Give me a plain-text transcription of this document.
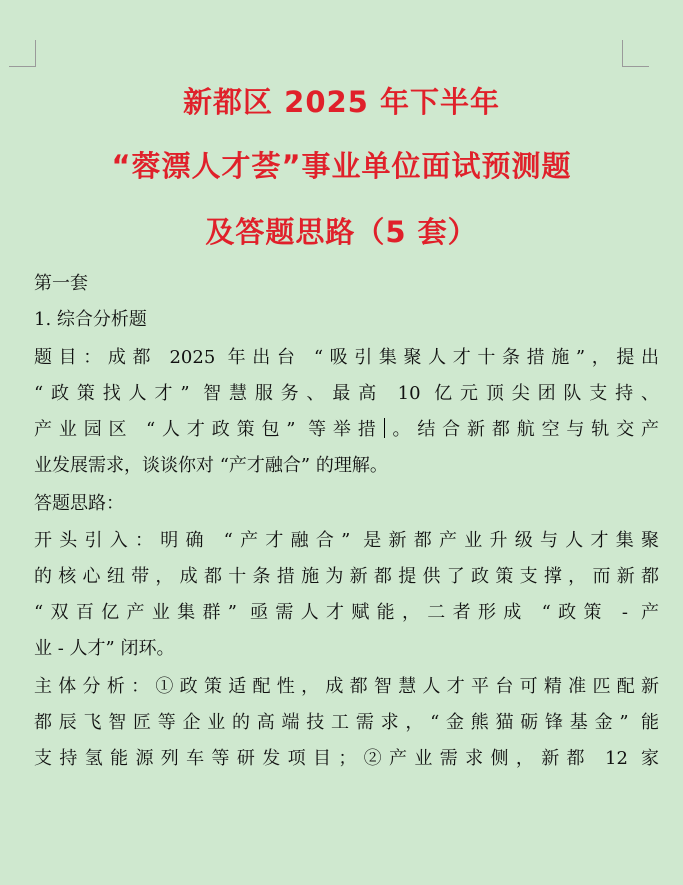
新都区 2025 年下半年
“蓉漂人才荟”事业单位面试预测题
及答题思路（5 套）
第一套
1. 综合分析题
题目：成都 2025 年出台 “吸引集聚人才十条措施”，提出
“政策找人才” 智慧服务、最高 10 亿元顶尖团队支持、
产业园区 “人才政策包” 等举措 。结合新都航空与轨交产
业发展需求，谈谈你对 “产才融合” 的理解。
答题思路：
开头引入：明确 “产才融合” 是新都产业升级与人才集聚
的核心纽带，成都十条措施为新都提供了政策支撑，而新都
“双百亿产业集群” 亟需人才赋能，二者形成 “政策 - 产
业 - 人才” 闭环。
主体分析：①政策适配性，成都智慧人才平台可精准匹配新
都辰飞智匠等企业的高端技工需求，“金熊猫砺锋基金” 能
支持氢能源列车等研发项目；②产业需求侧，新都 12 家
